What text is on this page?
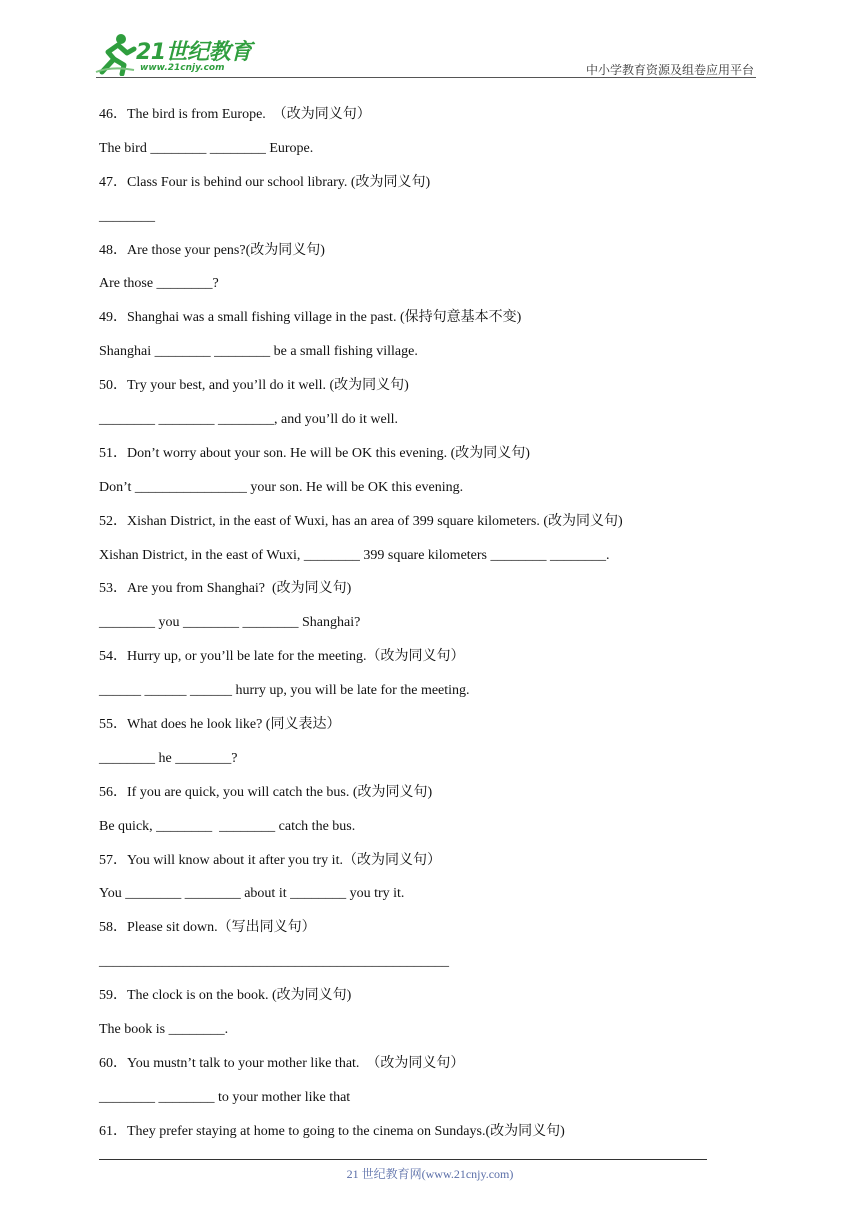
21世纪教育
www.21cnjy.com	中小学教育资源及组卷应用平台
46．The bird is from Europe.  （改为同义句）
The bird ________ ________ Europe.
47．Class Four is behind our school library. (改为同义句)
________
48．Are those your pens?(改为同义句)
Are those ________?
49．Shanghai was a small fishing village in the past. (保持句意基本不变)
Shanghai ________ ________ be a small fishing village.
50．Try your best, and you’ll do it well. (改为同义句)
________ ________ ________, and you’ll do it well.
51．Don’t worry about your son. He will be OK this evening. (改为同义句)
Don’t ________________ your son. He will be OK this evening.
52．Xishan District, in the east of Wuxi, has an area of 399 square kilometers. (改为同义句)
Xishan District, in the east of Wuxi, ________ 399 square kilometers ________ ________.
53．Are you from Shanghai?  (改为同义句)
________ you ________ ________ Shanghai?
54．Hurry up, or you’ll be late for the meeting.（改为同义句）
______ ______ ______ hurry up, you will be late for the meeting.
55．What does he look like? (同义表达）
________ he ________?
56．If you are quick, you will catch the bus. (改为同义句)
Be quick, ________  ________ catch the bus.
57．You will know about it after you try it.（改为同义句）
You ________ ________ about it ________ you try it.
58．Please sit down.（写出同义句）
__________________________________________________
59．The clock is on the book. (改为同义句)
The book is ________.
60．You mustn’t talk to your mother like that.  （改为同义句）
________ ________ to your mother like that
61．They prefer staying at home to going to the cinema on Sundays.(改为同义句)
21 世纪教育网(www.21cnjy.com)
